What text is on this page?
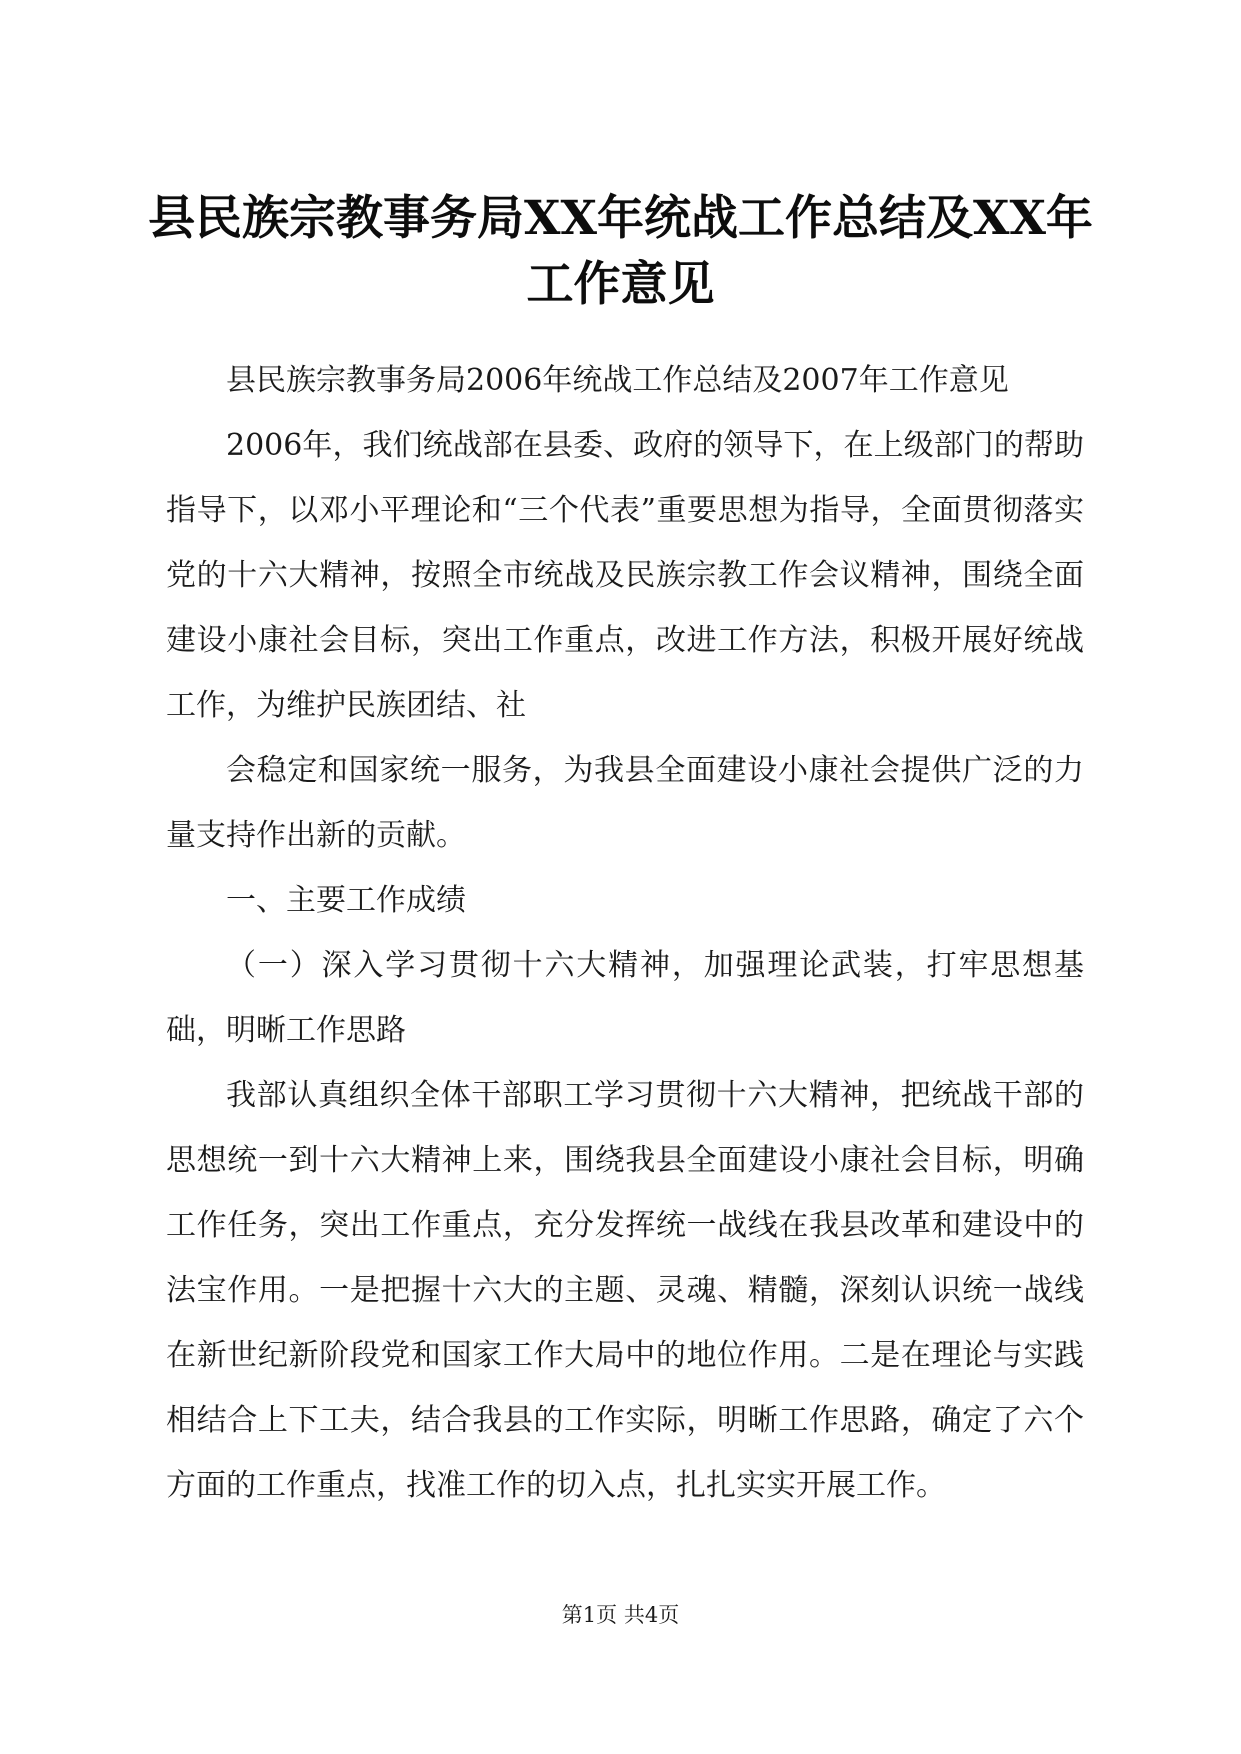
县民族宗教事务局XX年统战工作总结及XX年工作意见

县民族宗教事务局2006年统战工作总结及2007年工作意见

2006年，我们统战部在县委、政府的领导下，在上级部门的帮助指导下，以邓小平理论和“三个代表”重要思想为指导，全面贯彻落实党的十六大精神，按照全市统战及民族宗教工作会议精神，围绕全面建设小康社会目标，突出工作重点，改进工作方法，积极开展好统战工作，为维护民族团结、社

会稳定和国家统一服务，为我县全面建设小康社会提供广泛的力量支持作出新的贡献。

一、主要工作成绩

（一）深入学习贯彻十六大精神，加强理论武装，打牢思想基础，明晰工作思路

我部认真组织全体干部职工学习贯彻十六大精神，把统战干部的思想统一到十六大精神上来，围绕我县全面建设小康社会目标，明确工作任务，突出工作重点，充分发挥统一战线在我县改革和建设中的法宝作用。一是把握十六大的主题、灵魂、精髓，深刻认识统一战线在新世纪新阶段党和国家工作大局中的地位作用。二是在理论与实践相结合上下工夫，结合我县的工作实际，明晰工作思路，确定了六个方面的工作重点，找准工作的切入点，扎扎实实开展工作。

第1页 共4页
